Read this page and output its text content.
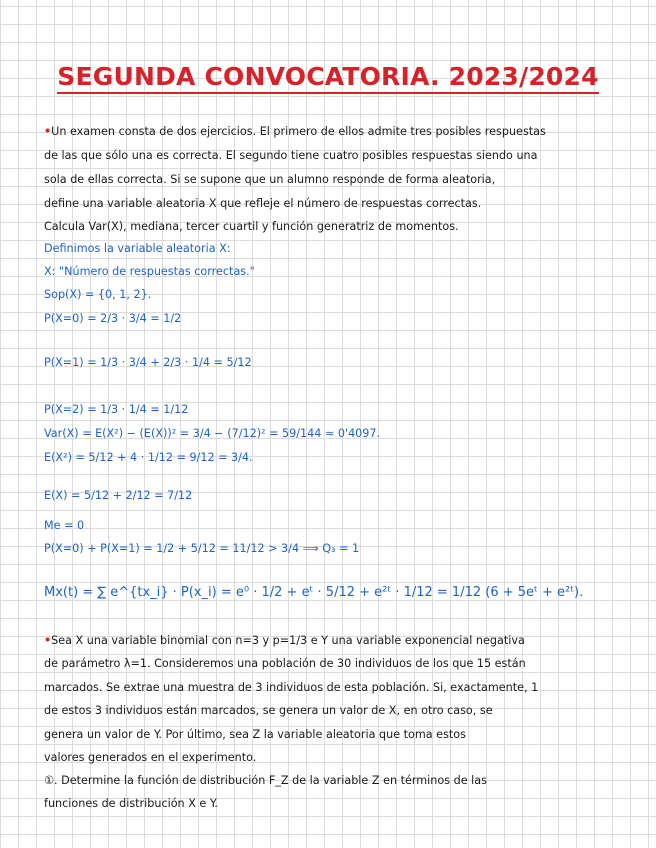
SEGUNDA CONVOCATORIA. 2023/2024
•Un examen consta de dos ejercicios. El primero de ellos admite tres posibles respuestas
de las que sólo una es correcta. El segundo tiene cuatro posibles respuestas siendo una
sola de ellas correcta. Si se supone que un alumno responde de forma aleatoria,
define una variable aleatoria X que refleje el número de respuestas correctas.
Calcula Var(X), mediana, tercer cuartil y función generatriz de momentos.
Definimos la variable aleatoria X:
X: "Número de respuestas correctas."
Sop(X) = {0, 1, 2}.
P(X=0) = 2/3 · 3/4 = 1/2
P(X=1) = 1/3 · 3/4 + 2/3 · 1/4 = 5/12
P(X=2) = 1/3 · 1/4 = 1/12
Var(X) = E(X²) − (E(X))² = 3/4 − (7/12)² = 59/144 ≈ 0'4097.
E(X²) = 5/12 + 4 · 1/12 = 9/12 = 3/4.
E(X) = 5/12 + 2/12 = 7/12
Me = 0
P(X=0) + P(X=1) = 1/2 + 5/12 = 11/12 > 3/4 ⟹ Q₃ = 1
Mx(t) = ∑ e^{tx_i} · P(x_i) = e⁰ · 1/2 + eᵗ · 5/12 + e²ᵗ · 1/12 = 1/12 (6 + 5eᵗ + e²ᵗ).
•Sea X una variable binomial con n=3 y p=1/3 e Y una variable exponencial negativa
de parámetro λ=1. Consideremos una población de 30 individuos de los que 15 están
marcados. Se extrae una muestra de 3 individuos de esta población. Si, exactamente, 1
de estos 3 individuos están marcados, se genera un valor de X, en otro caso, se
genera un valor de Y. Por último, sea Z la variable aleatoria que toma estos
valores generados en el experimento.
①. Determine la función de distribución F_Z de la variable Z en términos de las
funciones de distribución X e Y.
